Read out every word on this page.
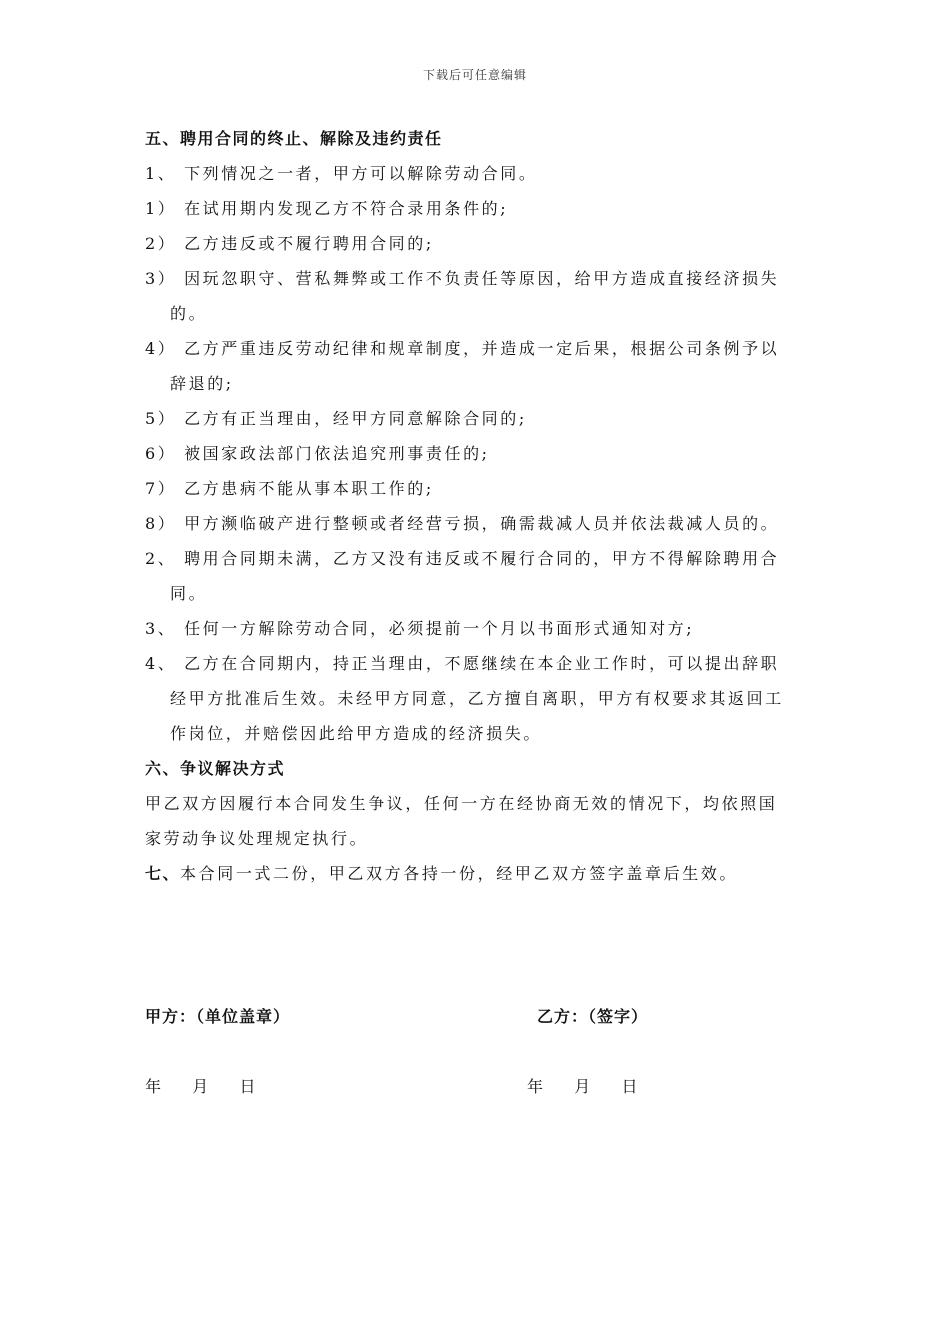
下载后可任意编辑
五、聘用合同的终止、解除及违约责任
1、 下列情况之一者，甲方可以解除劳动合同。
1） 在试用期内发现乙方不符合录用条件的;
2） 乙方违反或不履行聘用合同的;
3） 因玩忽职守、营私舞弊或工作不负责任等原因，给甲方造成直接经济损失
的。
4） 乙方严重违反劳动纪律和规章制度，并造成一定后果，根据公司条例予以
辞退的;
5） 乙方有正当理由，经甲方同意解除合同的;
6） 被国家政法部门依法追究刑事责任的;
7） 乙方患病不能从事本职工作的;
8） 甲方濒临破产进行整顿或者经营亏损，确需裁减人员并依法裁减人员的。
2、 聘用合同期未满，乙方又没有违反或不履行合同的，甲方不得解除聘用合
同。
3、 任何一方解除劳动合同，必须提前一个月以书面形式通知对方;
4、 乙方在合同期内，持正当理由，不愿继续在本企业工作时，可以提出辞职
经甲方批准后生效。未经甲方同意，乙方擅自离职，甲方有权要求其返回工
作岗位，并赔偿因此给甲方造成的经济损失。
六、争议解决方式
甲乙双方因履行本合同发生争议，任何一方在经协商无效的情况下，均依照国
家劳动争议处理规定执行。
七、本合同一式二份，甲乙双方各持一份，经甲乙双方签字盖章后生效。
甲方：（单位盖章）	乙方：（签字）
年   月   日	年   月   日
